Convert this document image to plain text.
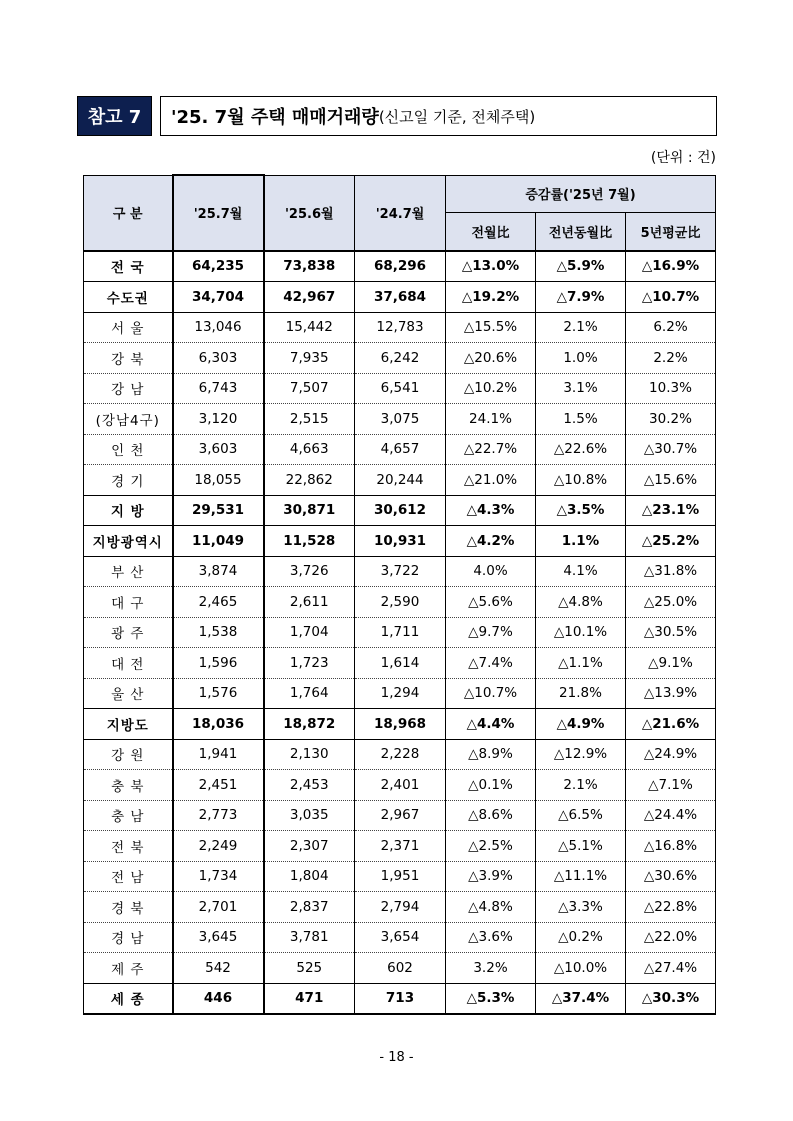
참고 7	'25. 7월 주택 매매거래량 (신고일 기준, 전체주택)
(단위 : 건)
구 분	'25.7월	'25.6월	'24.7월	증감률('25년 7월)		
				전월比	전년동월比	5년평균比
전 국	64,235	73,838	68,296	△13.0%	△5.9%	△16.9%
수도권	34,704	42,967	37,684	△19.2%	△7.9%	△10.7%
서 울	13,046	15,442	12,783	△15.5%	2.1%	6.2%
강 북	6,303	7,935	6,242	△20.6%	1.0%	2.2%
강 남	6,743	7,507	6,541	△10.2%	3.1%	10.3%
(강남4구)	3,120	2,515	3,075	24.1%	1.5%	30.2%
인 천	3,603	4,663	4,657	△22.7%	△22.6%	△30.7%
경 기	18,055	22,862	20,244	△21.0%	△10.8%	△15.6%
지 방	29,531	30,871	30,612	△4.3%	△3.5%	△23.1%
지방광역시	11,049	11,528	10,931	△4.2%	1.1%	△25.2%
부 산	3,874	3,726	3,722	4.0%	4.1%	△31.8%
대 구	2,465	2,611	2,590	△5.6%	△4.8%	△25.0%
광 주	1,538	1,704	1,711	△9.7%	△10.1%	△30.5%
대 전	1,596	1,723	1,614	△7.4%	△1.1%	△9.1%
울 산	1,576	1,764	1,294	△10.7%	21.8%	△13.9%
지방도	18,036	18,872	18,968	△4.4%	△4.9%	△21.6%
강 원	1,941	2,130	2,228	△8.9%	△12.9%	△24.9%
충 북	2,451	2,453	2,401	△0.1%	2.1%	△7.1%
충 남	2,773	3,035	2,967	△8.6%	△6.5%	△24.4%
전 북	2,249	2,307	2,371	△2.5%	△5.1%	△16.8%
전 남	1,734	1,804	1,951	△3.9%	△11.1%	△30.6%
경 북	2,701	2,837	2,794	△4.8%	△3.3%	△22.8%
경 남	3,645	3,781	3,654	△3.6%	△0.2%	△22.0%
제 주	542	525	602	3.2%	△10.0%	△27.4%
세 종	446	471	713	△5.3%	△37.4%	△30.3%
- 18 -
